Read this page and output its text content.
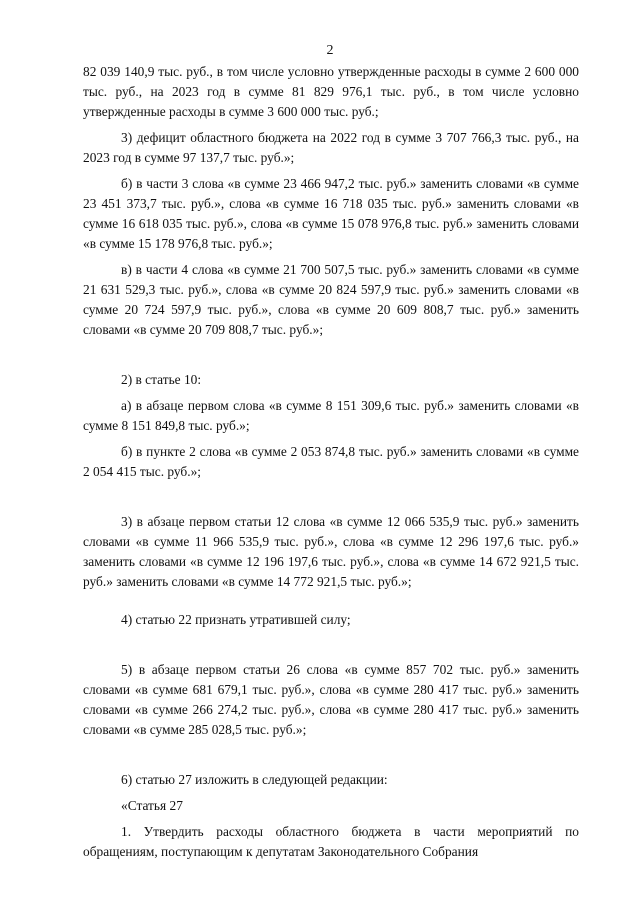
2

82 039 140,9 тыс. руб., в том числе условно утвержденные расходы в сумме 2 600 000 тыс. руб., на 2023 год в сумме 81 829 976,1 тыс. руб., в том числе условно утвержденные расходы в сумме 3 600 000 тыс. руб.;

3) дефицит областного бюджета на 2022 год в сумме 3 707 766,3 тыс. руб., на 2023 год в сумме 97 137,7 тыс. руб.»;

б) в части 3 слова «в сумме 23 466 947,2 тыс. руб.» заменить словами «в сумме 23 451 373,7 тыс. руб.», слова «в сумме 16 718 035 тыс. руб.» заменить словами «в сумме 16 618 035 тыс. руб.», слова «в сумме 15 078 976,8 тыс. руб.» заменить словами «в сумме 15 178 976,8 тыс. руб.»;

в) в части 4 слова «в сумме 21 700 507,5 тыс. руб.» заменить словами «в сумме 21 631 529,3 тыс. руб.», слова «в сумме 20 824 597,9 тыс. руб.» заменить словами «в сумме 20 724 597,9 тыс. руб.», слова «в сумме 20 609 808,7 тыс. руб.» заменить словами «в сумме 20 709 808,7 тыс. руб.»;

2) в статье 10:

а) в абзаце первом слова «в сумме 8 151 309,6 тыс. руб.» заменить словами «в сумме 8 151 849,8 тыс. руб.»;

б) в пункте 2 слова «в сумме 2 053 874,8 тыс. руб.» заменить словами «в сумме 2 054 415 тыс. руб.»;

3) в абзаце первом статьи 12 слова «в сумме 12 066 535,9 тыс. руб.» заменить словами «в сумме 11 966 535,9 тыс. руб.», слова «в сумме 12 296 197,6 тыс. руб.» заменить словами «в сумме 12 196 197,6 тыс. руб.», слова «в сумме 14 672 921,5 тыс. руб.» заменить словами «в сумме 14 772 921,5 тыс. руб.»;

4) статью 22 признать утратившей силу;

5) в абзаце первом статьи 26 слова «в сумме 857 702 тыс. руб.» заменить словами «в сумме 681 679,1 тыс. руб.», слова «в сумме 280 417 тыс. руб.» заменить словами «в сумме 266 274,2 тыс. руб.», слова «в сумме 280 417 тыс. руб.» заменить словами «в сумме 285 028,5 тыс. руб.»;

6) статью 27 изложить в следующей редакции:

«Статья 27

1. Утвердить расходы областного бюджета в части мероприятий по обращениям, поступающим к депутатам Законодательного Собрания
